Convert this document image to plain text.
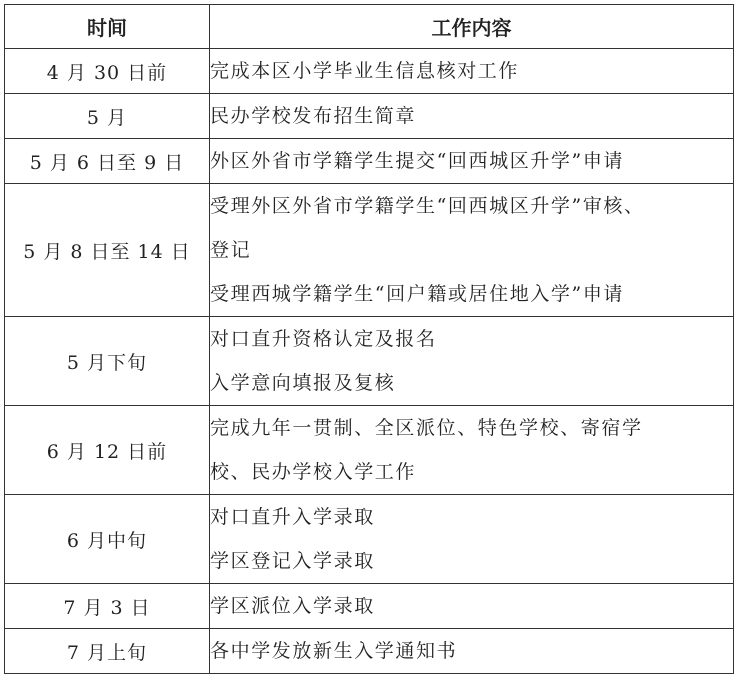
时间	工作内容
4 月 30 日前	完成本区小学毕业生信息核对工作

5 月	民办学校发布招生简章

5 月 6 日至 9 日	外区外省市学籍学生提交“回西城区升学”申请

5 月 8 日至 14 日	受理外区外省市学籍学生“回西城区升学”审核、
登记
受理西城学籍学生“回户籍或居住地入学”申请

5 月下旬	对口直升资格认定及报名
入学意向填报及复核

6 月 12 日前	完成九年一贯制、全区派位、特色学校、寄宿学
校、民办学校入学工作

6 月中旬	对口直升入学录取
学区登记入学录取

7 月 3 日	学区派位入学录取

7 月上旬	各中学发放新生入学通知书
